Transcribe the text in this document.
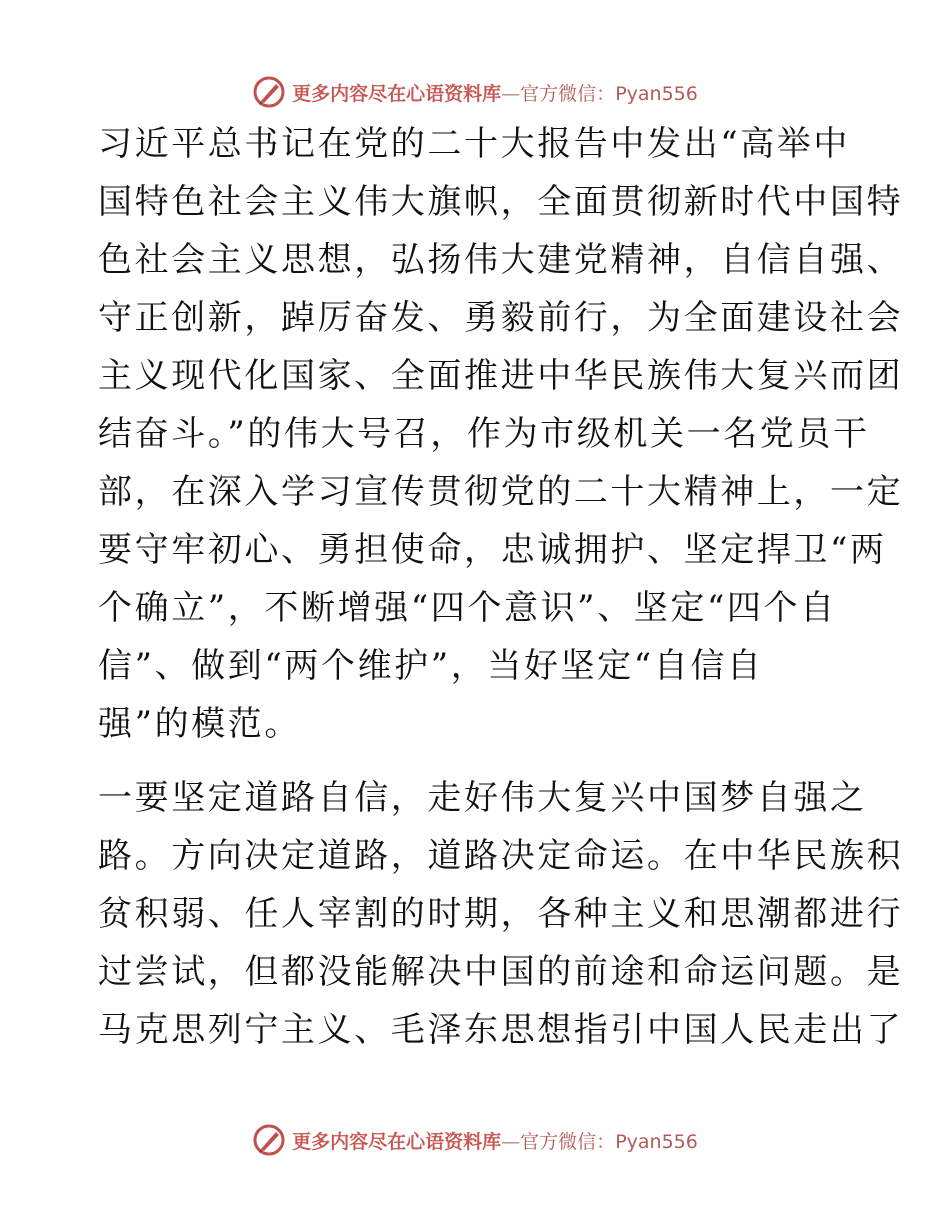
更多内容尽在心语资料库—官方微信：Pyan556

习近平总书记在党的二十大报告中发出“高举中
国特色社会主义伟大旗帜，全面贯彻新时代中国特
色社会主义思想，弘扬伟大建党精神，自信自强、
守正创新，踔厉奋发、勇毅前行，为全面建设社会
主义现代化国家、全面推进中华民族伟大复兴而团
结奋斗。”的伟大号召，作为市级机关一名党员干
部，在深入学习宣传贯彻党的二十大精神上，一定
要守牢初心、勇担使命，忠诚拥护、坚定捍卫“两
个确立”，不断增强“四个意识”、坚定“四个自
信”、做到“两个维护”，当好坚定“自信自
强”的模范。

一要坚定道路自信，走好伟大复兴中国梦自强之
路。方向决定道路，道路决定命运。在中华民族积
贫积弱、任人宰割的时期，各种主义和思潮都进行
过尝试，但都没能解决中国的前途和命运问题。是
马克思列宁主义、毛泽东思想指引中国人民走出了

更多内容尽在心语资料库—官方微信：Pyan556
